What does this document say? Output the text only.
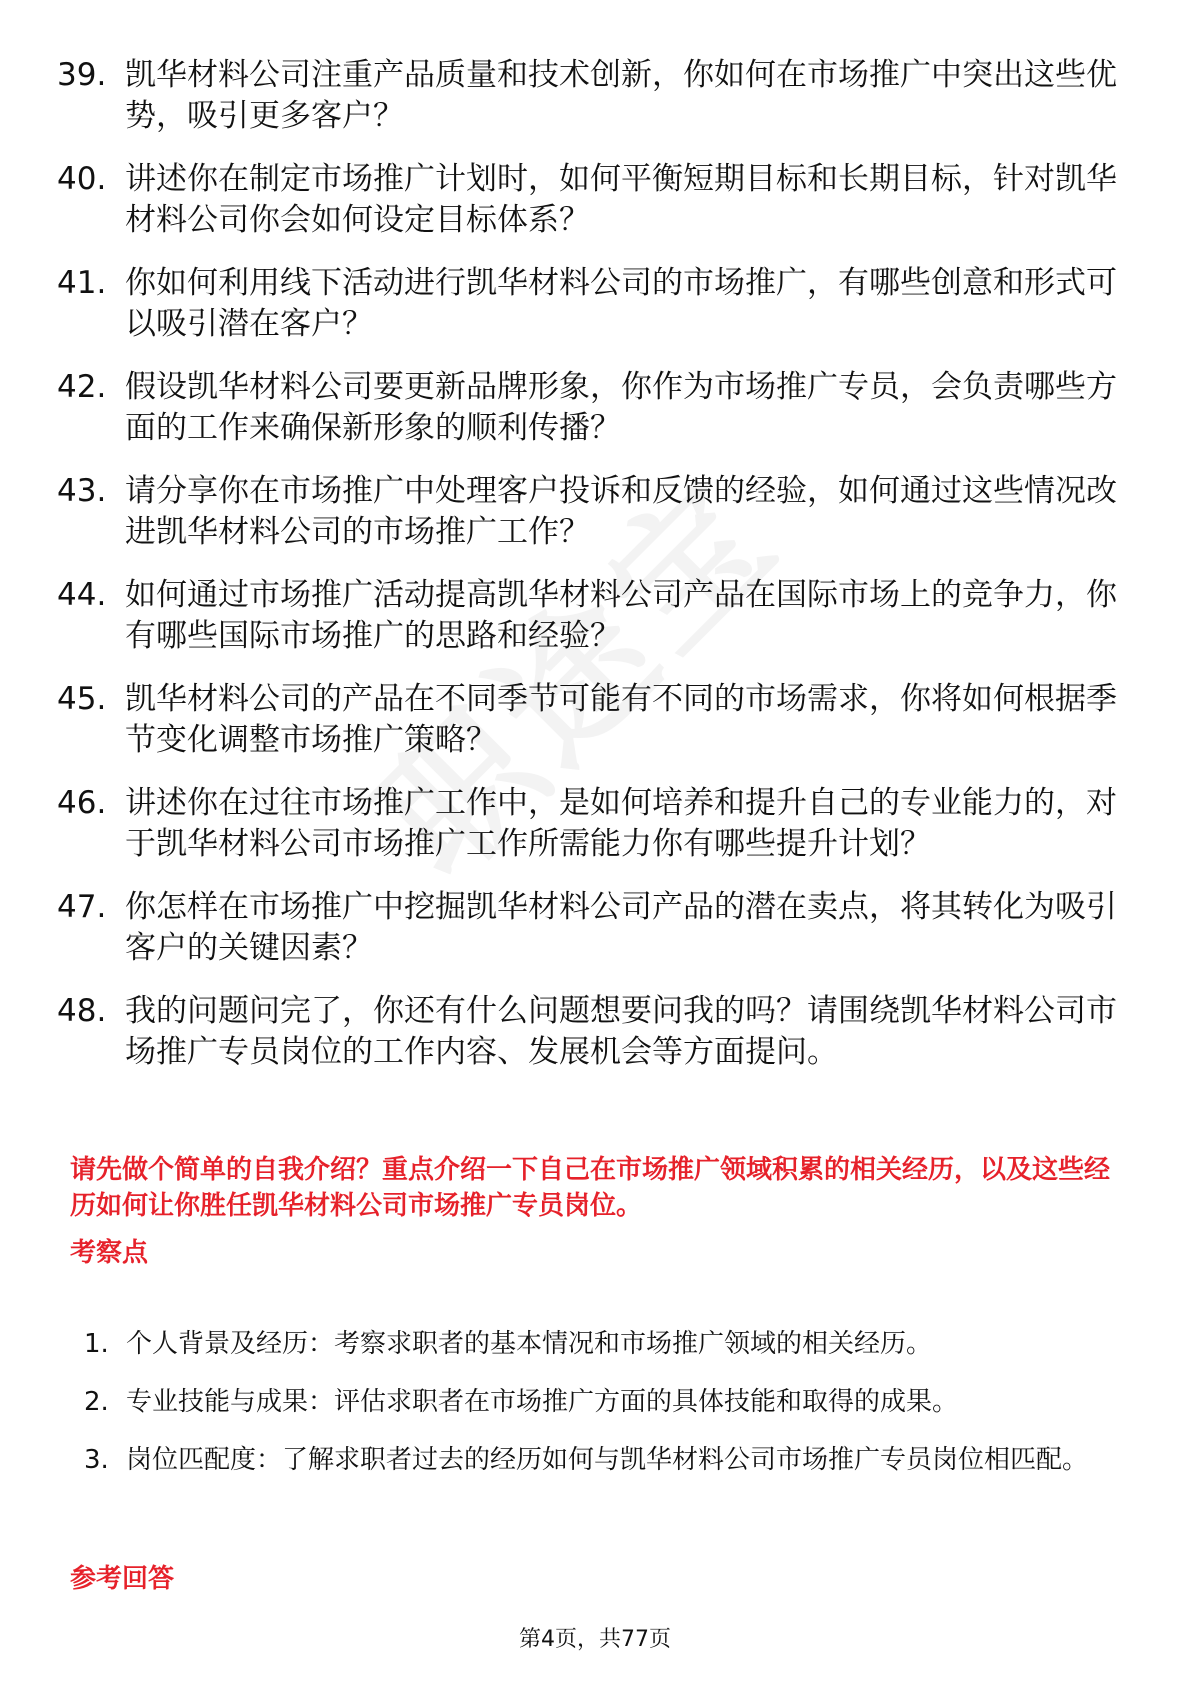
39. 凯华材料公司注重产品质量和技术创新，你如何在市场推广中突出这些优势，吸引更多客户？
40. 讲述你在制定市场推广计划时，如何平衡短期目标和长期目标，针对凯华材料公司你会如何设定目标体系？
41. 你如何利用线下活动进行凯华材料公司的市场推广，有哪些创意和形式可以吸引潜在客户？
42. 假设凯华材料公司要更新品牌形象，你作为市场推广专员，会负责哪些方面的工作来确保新形象的顺利传播？
43. 请分享你在市场推广中处理客户投诉和反馈的经验，如何通过这些情况改进凯华材料公司的市场推广工作？
44. 如何通过市场推广活动提高凯华材料公司产品在国际市场上的竞争力，你有哪些国际市场推广的思路和经验？
45. 凯华材料公司的产品在不同季节可能有不同的市场需求，你将如何根据季节变化调整市场推广策略？
46. 讲述你在过往市场推广工作中，是如何培养和提升自己的专业能力的，对于凯华材料公司市场推广工作所需能力你有哪些提升计划？
47. 你怎样在市场推广中挖掘凯华材料公司产品的潜在卖点，将其转化为吸引客户的关键因素？
48. 我的问题问完了，你还有什么问题想要问我的吗？请围绕凯华材料公司市场推广专员岗位的工作内容、发展机会等方面提问。
请先做个简单的自我介绍？重点介绍一下自己在市场推广领域积累的相关经历，以及这些经历如何让你胜任凯华材料公司市场推广专员岗位。
考察点
1. 个人背景及经历：考察求职者的基本情况和市场推广领域的相关经历。
2. 专业技能与成果：评估求职者在市场推广方面的具体技能和取得的成果。
3. 岗位匹配度：了解求职者过去的经历如何与凯华材料公司市场推广专员岗位相匹配。
参考回答
第4页，共77页
